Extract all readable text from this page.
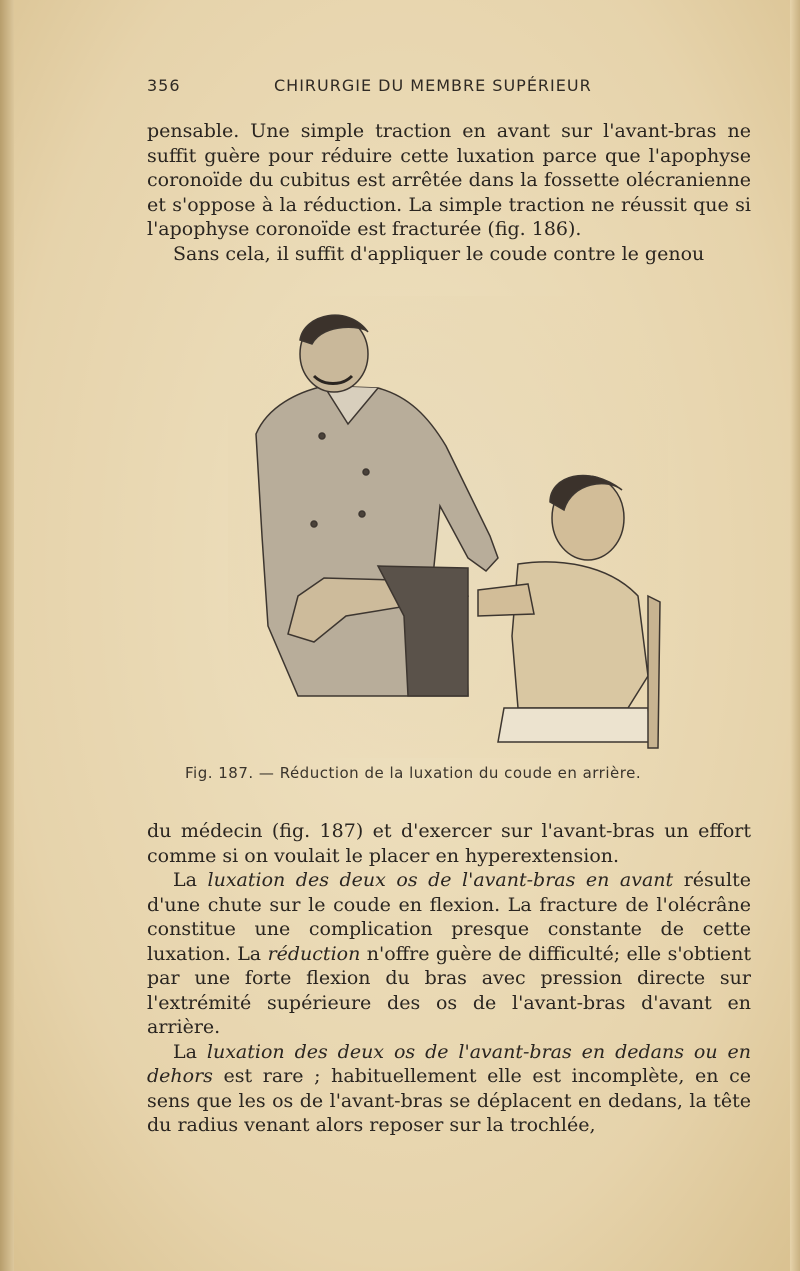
356	CHIRURGIE DU MEMBRE SUPÉRIEUR

pensable. Une simple traction en avant sur l'avant-bras ne suffit guère pour réduire cette luxation parce que l'apophyse coronoïde du cubitus est arrêtée dans la fossette olécranienne et s'oppose à la réduction. La simple traction ne réussit que si l'apophyse coronoïde est fracturée (fig. 186).

Sans cela, il suffit d'appliquer le coude contre le genou

Fig. 187. — Réduction de la luxation du coude en arrière.

du médecin (fig. 187) et d'exercer sur l'avant-bras un effort comme si on voulait le placer en hyperextension.

La luxation des deux os de l'avant-bras en avant résulte d'une chute sur le coude en flexion. La fracture de l'olécrâne constitue une complication presque constante de cette luxation. La réduction n'offre guère de difficulté; elle s'obtient par une forte flexion du bras avec pression directe sur l'extrémité supérieure des os de l'avant-bras d'avant en arrière.

La luxation des deux os de l'avant-bras en dedans ou en dehors est rare ; habituellement elle est incomplète, en ce sens que les os de l'avant-bras se déplacent en dedans, la tête du radius venant alors reposer sur la trochlée,
